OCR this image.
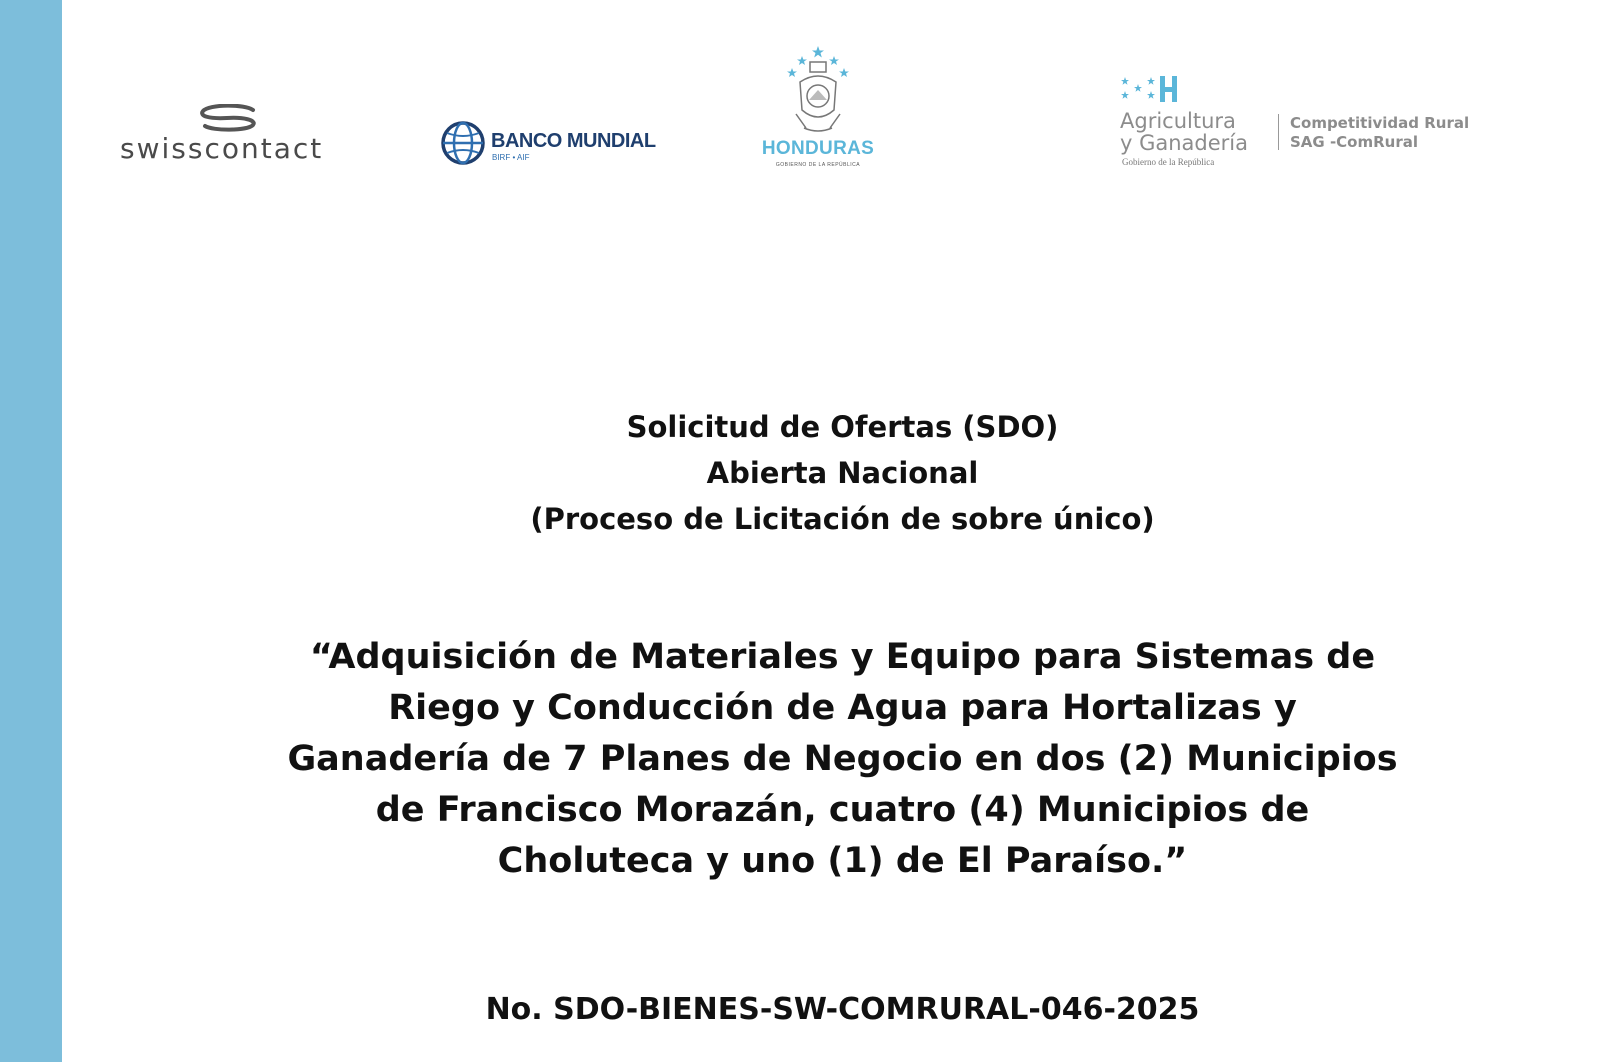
swisscontact	BANCO MUNDIAL
BIRF • AIF	HONDURAS
GOBIERNO DE LA REPÚBLICA
Agricultura
y Ganadería
Gobierno de la República
Competitividad Rural
SAG -ComRural
Solicitud de Ofertas (SDO)
Abierta Nacional
(Proceso de Licitación de sobre único)
“Adquisición de Materiales y Equipo para Sistemas de
Riego y Conducción de Agua para Hortalizas y
Ganadería de 7 Planes de Negocio en dos (2) Municipios
de Francisco Morazán, cuatro (4) Municipios de
Choluteca y uno (1) de El Paraíso.”
No. SDO-BIENES-SW-COMRURAL-046-2025
